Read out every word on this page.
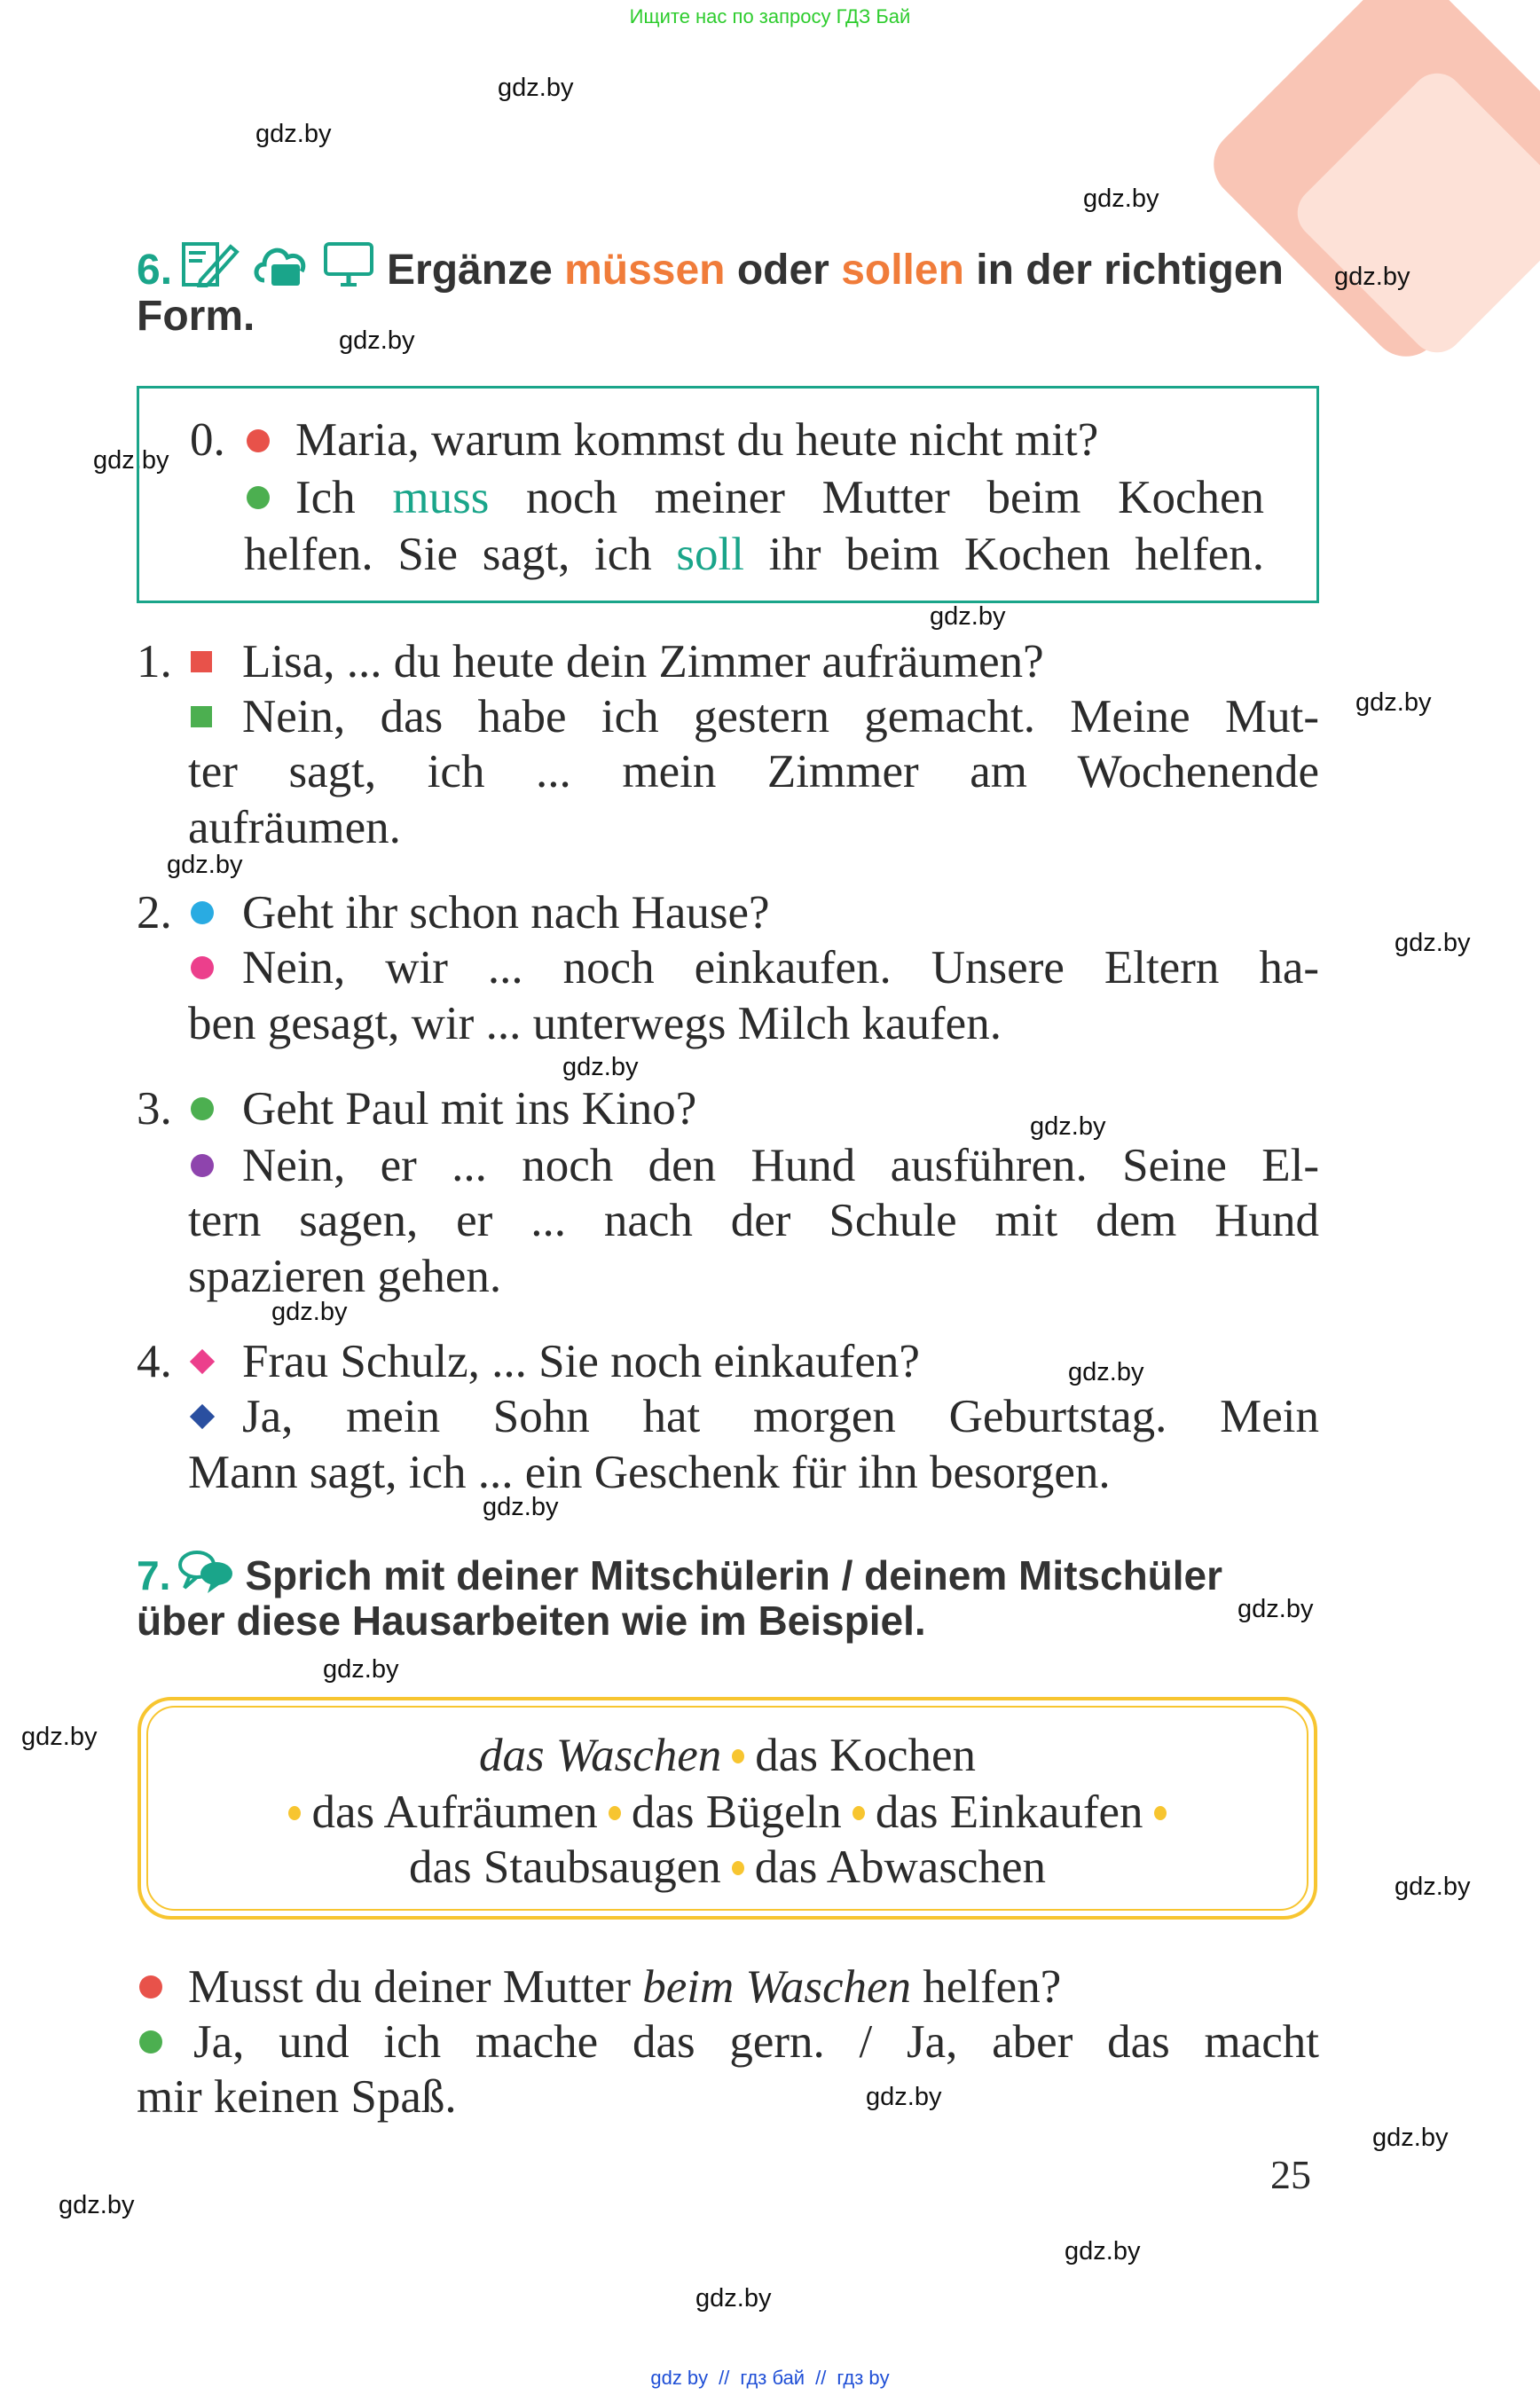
Ищите нас по запросу ГДЗ Бай
gdz.by
gdz.by
gdz.by
gdz.by
gdz.by
gdz.by
gdz.by
gdz.by
gdz.by
gdz.by
gdz.by
gdz.by
gdz.by
gdz.by
gdz.by
gdz.by
gdz.by
gdz.by
gdz.by
gdz.by
gdz.by
gdz.by
gdz.by
gdz.by
6.	Ergänze müssen oder sollen in der richtigen
Form.
0. Maria, warum kommst du heute nicht mit?
Ich muss noch meiner Mutter beim Kochen
helfen. Sie sagt, ich soll ihr beim Kochen helfen.
1. Lisa, ... du heute dein Zimmer aufräumen?
Nein, das habe ich gestern gemacht. Meine Mut-
ter sagt, ich ... mein Zimmer am Wochenende
aufräumen.
2. Geht ihr schon nach Hause?
Nein, wir ... noch einkaufen. Unsere Eltern ha-
ben gesagt, wir ... unterwegs Milch kaufen.
3. Geht Paul mit ins Kino?
Nein, er ... noch den Hund ausführen. Seine El-
tern sagen, er ... nach der Schule mit dem Hund
spazieren gehen.
4. Frau Schulz, ... Sie noch einkaufen?
Ja, mein Sohn hat morgen Geburtstag. Mein
Mann sagt, ich ... ein Geschenk für ihn besorgen.
7. Sprich mit deiner Mitschülerin / deinem Mitschüler
über diese Hausarbeiten wie im Beispiel.
das Waschen das Kochen
das Aufräumen das Bügeln das Einkaufen
das Staubsaugen das Abwaschen
Musst du deiner Mutter beim Waschen helfen?
Ja, und ich mache das gern. / Ja, aber das macht
mir keinen Spaß.
25
gdz by // гдз бай // гдз by
